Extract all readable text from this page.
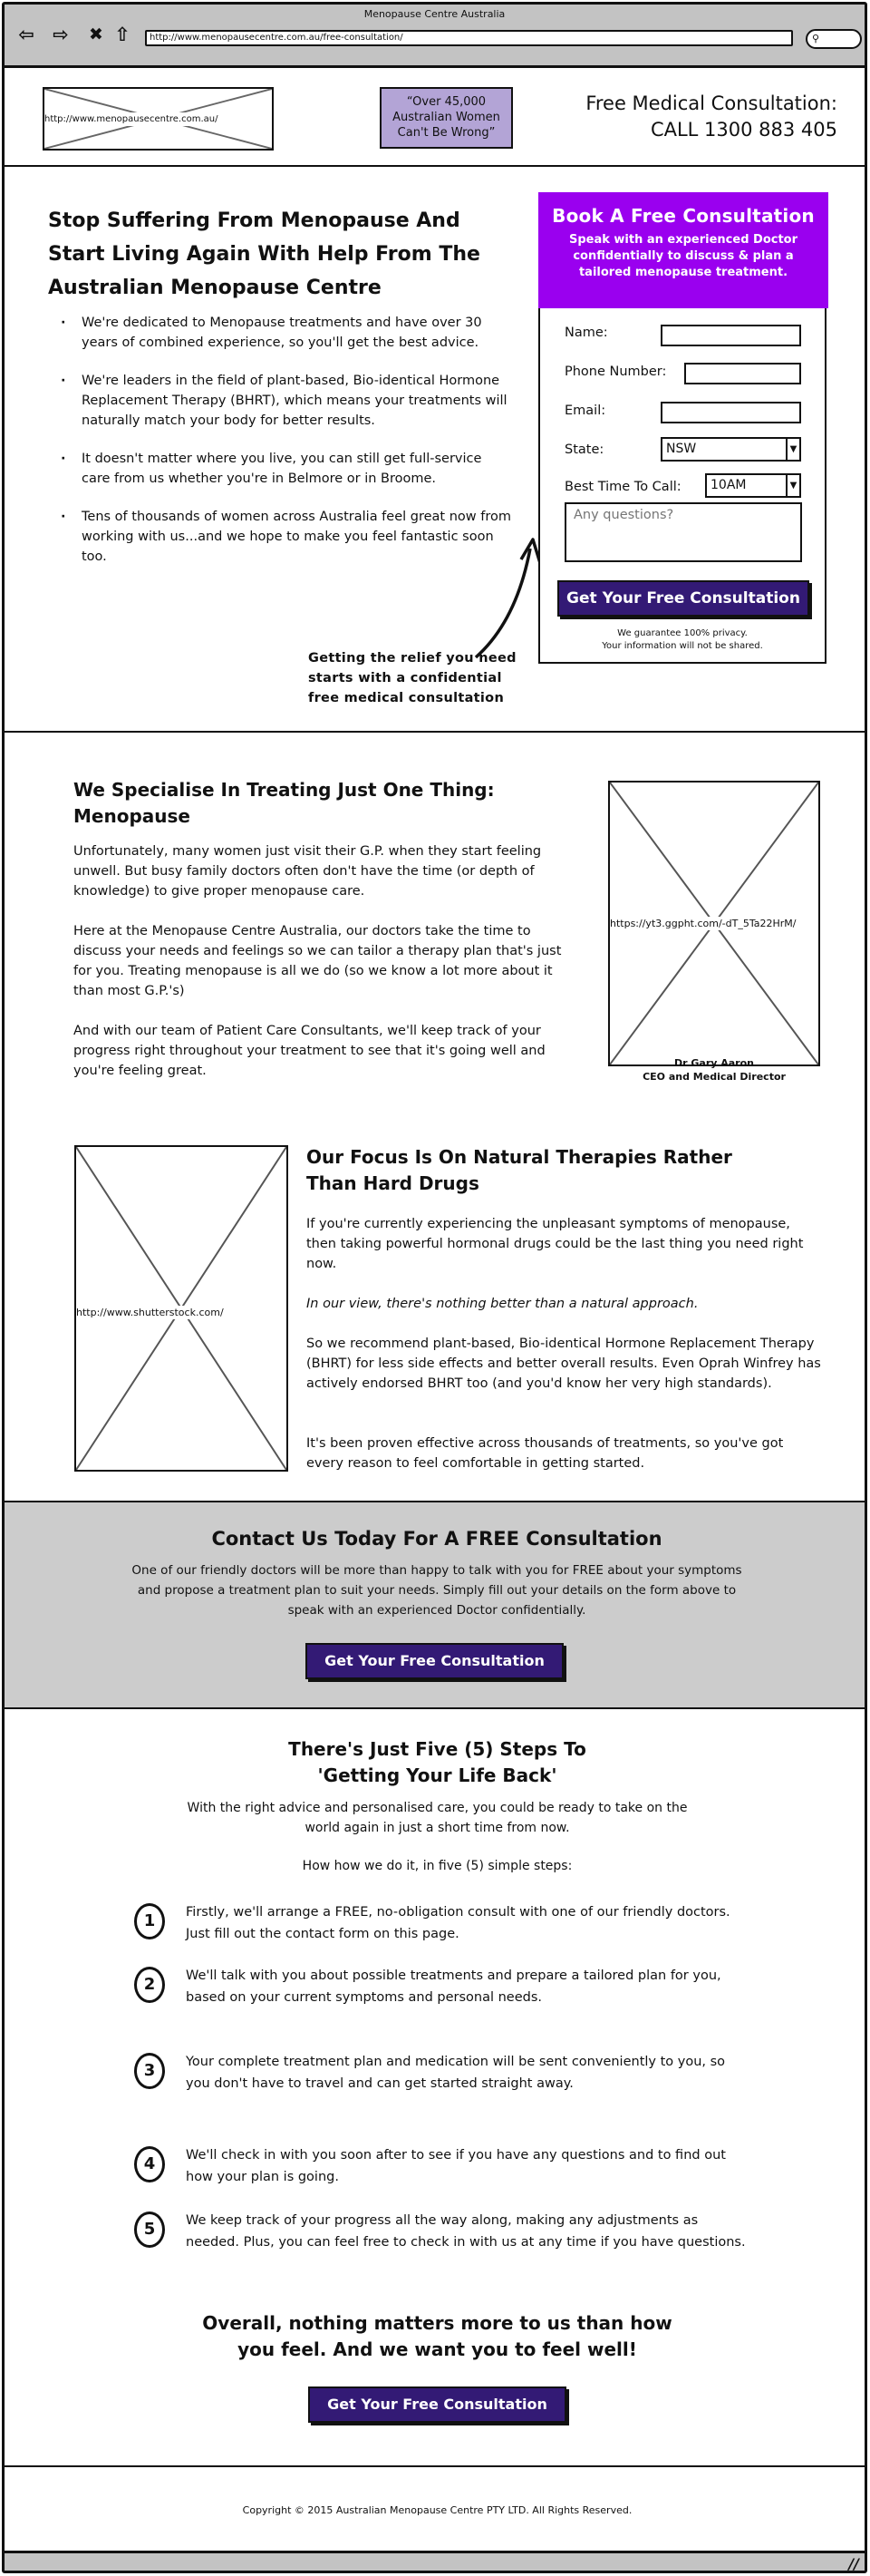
Menopause Centre Australia
⇦ ⇨ ✖ ⇧	http://www.menopausecentre.com.au/free-consultation/	⚲
http://www.menopausecentre.com.au/
“Over 45,000
Australian Women
Can't Be Wrong”
Free Medical Consultation:
CALL 1300 883 405
Stop Suffering From Menopause And Start Living Again With Help From The Australian Menopause Centre
· We're dedicated to Menopause treatments and have over 30 years of combined experience, so you'll get the best advice.
· We're leaders in the field of plant-based, Bio-identical Hormone Replacement Therapy (BHRT), which means your treatments will naturally match your body for better results.
· It doesn't matter where you live, you can still get full-service care from us whether you're in Belmore or in Broome.
· Tens of thousands of women across Australia feel great now from working with us...and we hope to make you feel fantastic soon too.
Getting the relief you need starts with a confidential free medical consultation
Book A Free Consultation

Speak with an experienced Doctor confidentially to discuss & plan a tailored menopause treatment.

Name:
Phone Number:
Email:
State:	NSW	▼
Best Time To Call:	10AM	▼
Any questions?
Get Your Free Consultation
We guarantee 100% privacy.
Your information will not be shared.
We Specialise In Treating Just One Thing: Menopause

Unfortunately, many women just visit their G.P. when they start feeling unwell. But busy family doctors often don't have the time (or depth of knowledge) to give proper menopause care.

Here at the Menopause Centre Australia, our doctors take the time to discuss your needs and feelings so we can tailor a therapy plan that's just for you. Treating menopause is all we do (so we know a lot more about it than most G.P.'s)

And with our team of Patient Care Consultants, we'll keep track of your progress right throughout your treatment to see that it's going well and you're feeling great.

https://yt3.ggpht.com/-dT_5Ta22HrM/
Dr Gary Aaron
CEO and Medical Director
http://www.shutterstock.com/
Our Focus Is On Natural Therapies Rather Than Hard Drugs

If you're currently experiencing the unpleasant symptoms of menopause, then taking powerful hormonal drugs could be the last thing you need right now.

In our view, there's nothing better than a natural approach.

So we recommend plant-based, Bio-identical Hormone Replacement Therapy (BHRT) for less side effects and better overall results. Even Oprah Winfrey has actively endorsed BHRT too (and you'd know her very high standards).

It's been proven effective across thousands of treatments, so you've got every reason to feel comfortable in getting started.

Contact Us Today For A FREE Consultation

One of our friendly doctors will be more than happy to talk with you for FREE about your symptoms and propose a treatment plan to suit your needs. Simply fill out your details on the form above to speak with an experienced Doctor confidentially.

Get Your Free Consultation
There's Just Five (5) Steps To
'Getting Your Life Back'
With the right advice and personalised care, you could be ready to take on the world again in just a short time from now.
How how we do it, in five (5) simple steps:
1	Firstly, we'll arrange a FREE, no-obligation consult with one of our friendly doctors. Just fill out the contact form on this page.
2	We'll talk with you about possible treatments and prepare a tailored plan for you, based on your current symptoms and personal needs.
3	Your complete treatment plan and medication will be sent conveniently to you, so you don't have to travel and can get started straight away.
4	We'll check in with you soon after to see if you have any questions and to find out how your plan is going.
5	We keep track of your progress all the way along, making any adjustments as needed. Plus, you can feel free to check in with us at any time if you have questions.
Overall, nothing matters more to us than how you feel. And we want you to feel well!
Get Your Free Consultation
Copyright © 2015 Australian Menopause Centre PTY LTD. All Rights Reserved.
//
